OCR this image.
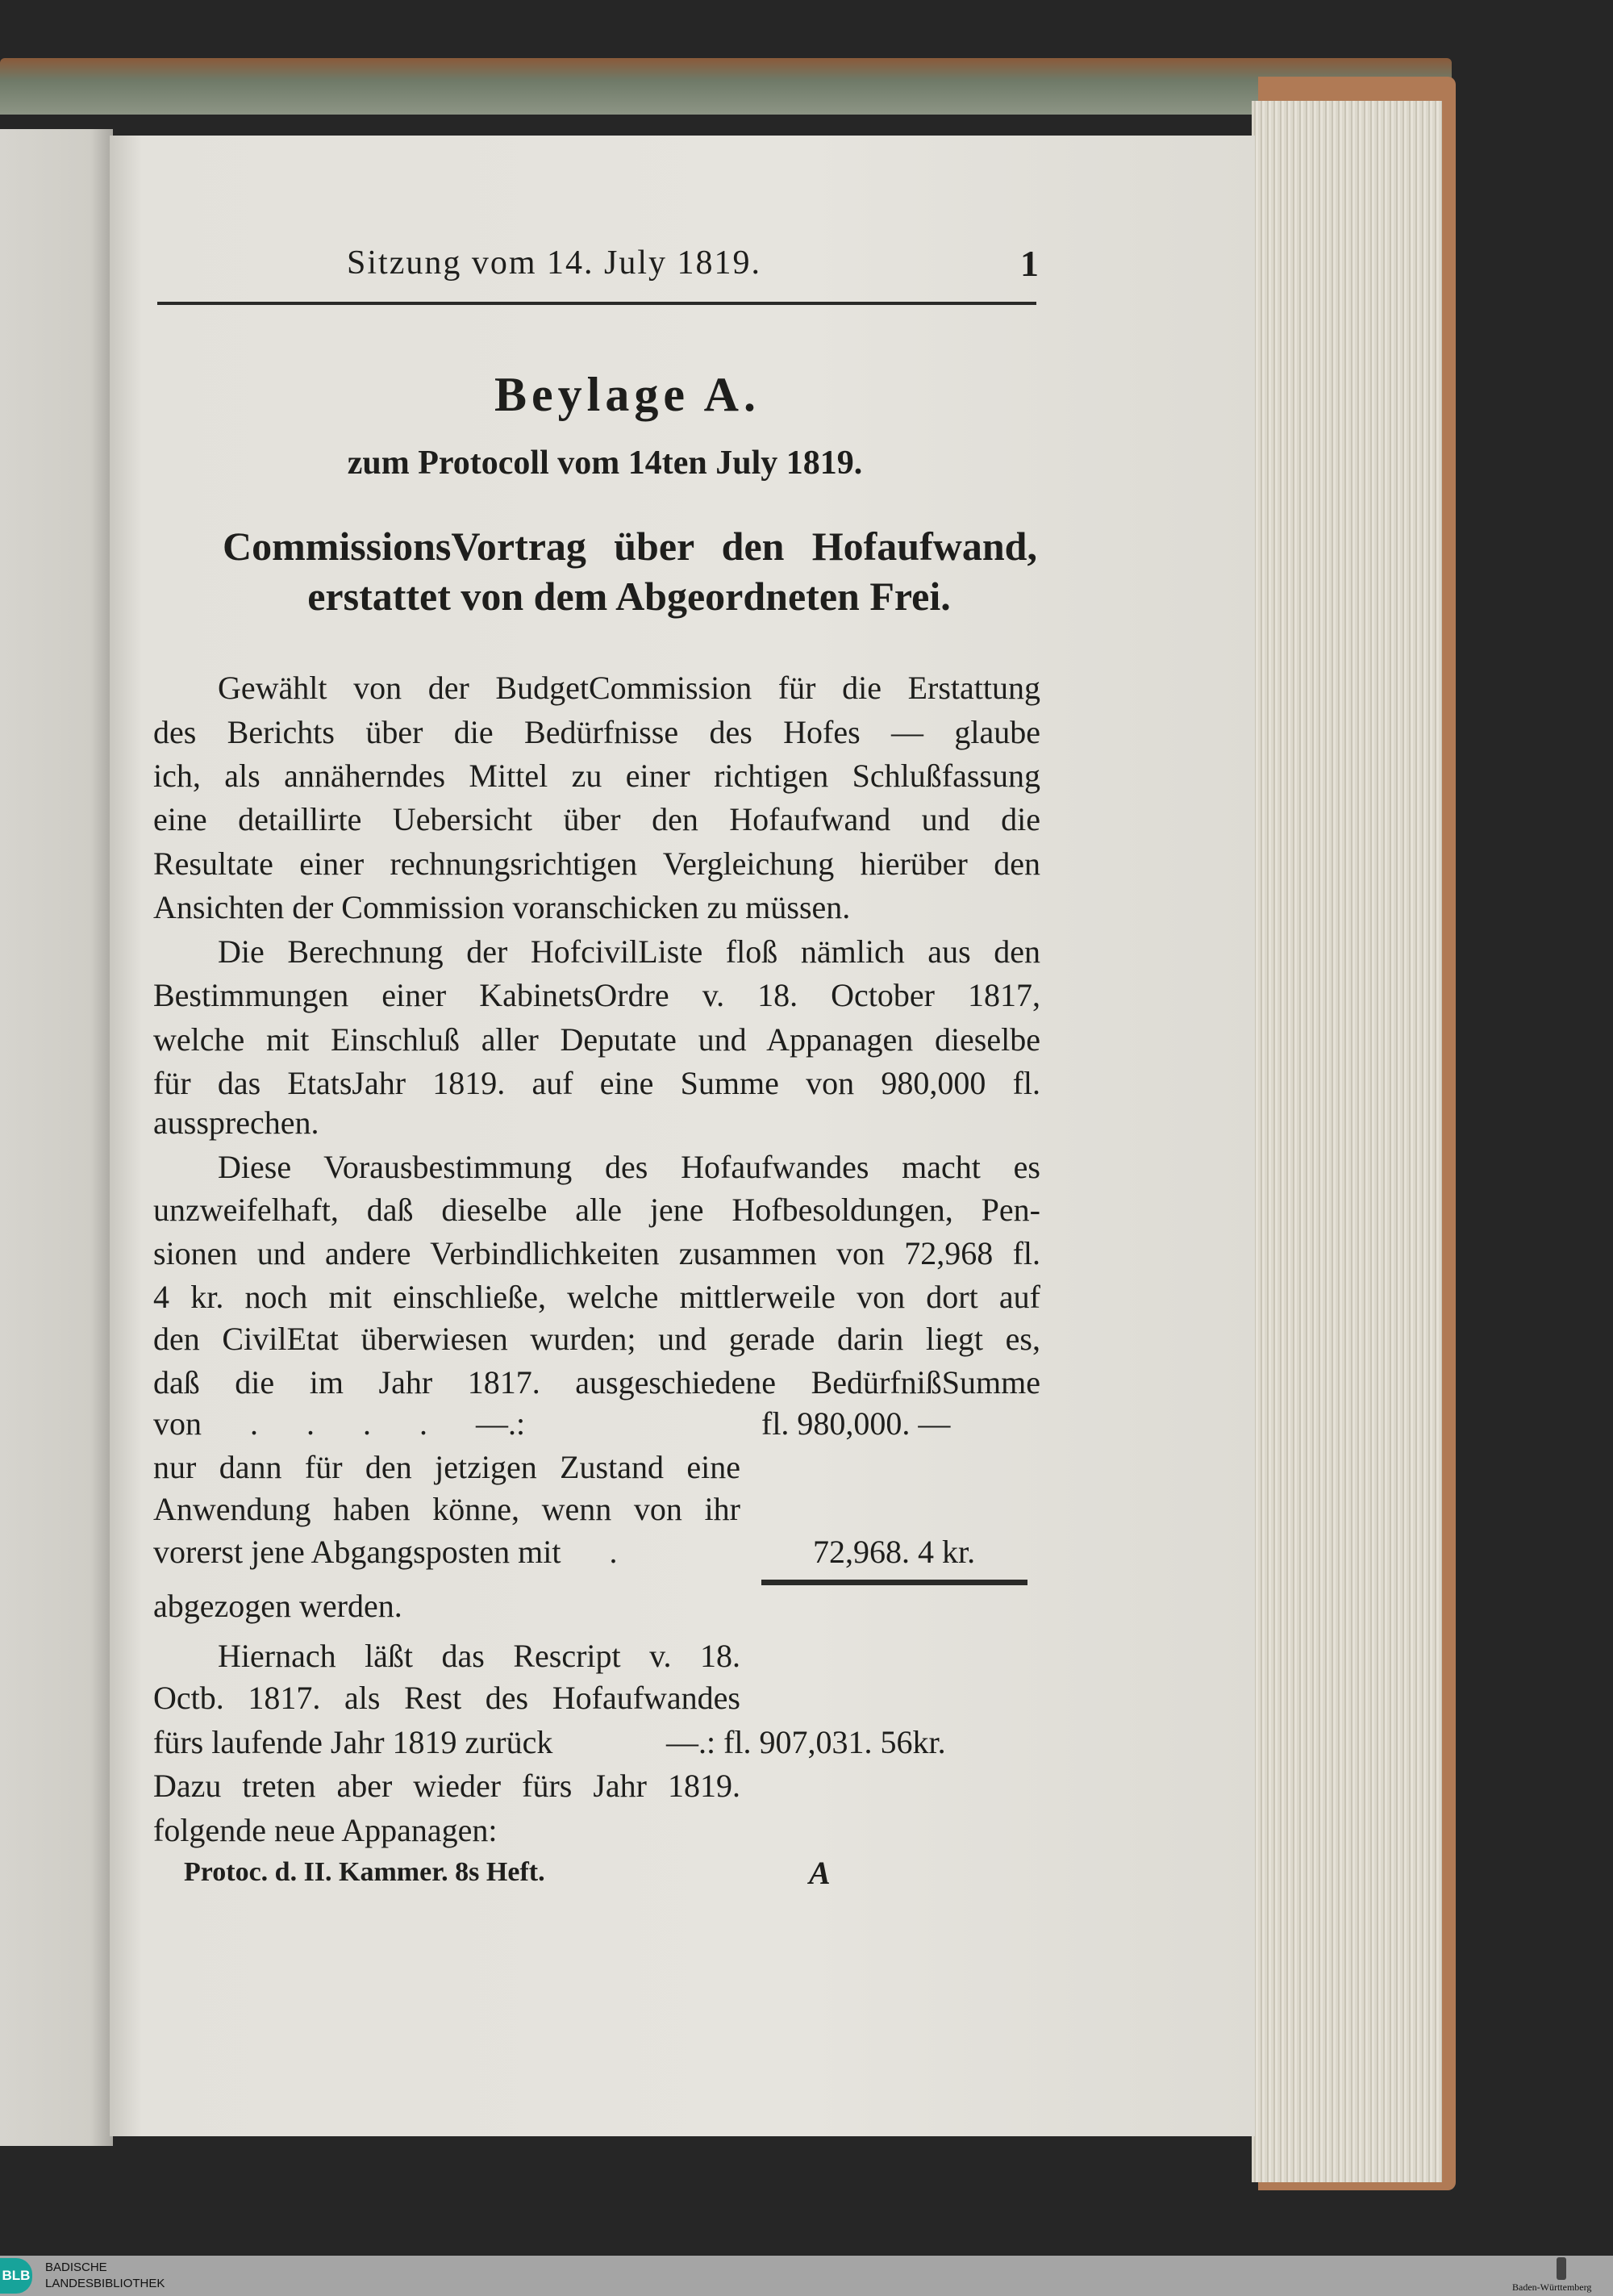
Sitzung vom 14. July 1819.	1
Beylage A.
zum Protocoll vom 14ten July 1819.
CommissionsVortrag über den Hofaufwand,
erstattet von dem Abgeordneten Frei.
Gewählt von der BudgetCommission für die Erstattung
des Berichts über die Bedürfnisse des Hofes — glaube
ich, als annäherndes Mittel zu einer richtigen Schlußfassung
eine detaillirte Uebersicht über den Hofaufwand und die
Resultate einer rechnungsrichtigen Vergleichung hierüber den
Ansichten der Commission voranschicken zu müssen.
Die Berechnung der HofcivilListe floß nämlich aus den
Bestimmungen einer KabinetsOrdre v. 18. October 1817,
welche mit Einschluß aller Deputate und Appanagen dieselbe
für das EtatsJahr 1819. auf eine Summe von 980,000 fl.
aussprechen.
Diese Vorausbestimmung des Hofaufwandes macht es
unzweifelhaft, daß dieselbe alle jene Hofbesoldungen, Pen-
sionen und andere Verbindlichkeiten zusammen von 72,968 fl.
4 kr. noch mit einschließe, welche mittlerweile von dort auf
den CivilEtat überwiesen wurden; und gerade darin liegt es,
daß die im Jahr 1817. ausgeschiedene BedürfnißSumme
von      .      .      .      .      —.:	fl. 980,000. —
nur dann für den jetzigen Zustand eine
Anwendung haben könne, wenn von ihr
vorerst jene Abgangsposten mit      .	72,968. 4 kr.
abgezogen werden.
Hiernach läßt das Rescript v. 18.
Octb. 1817. als Rest des Hofaufwandes
fürs laufende Jahr 1819 zurück	—.: fl. 907,031. 56kr.
Dazu treten aber wieder fürs Jahr 1819.
folgende neue Appanagen:
Protoc. d. II. Kammer. 8s Heft.	A
BLB
BADISCHE
LANDESBIBLIOTHEK	Baden-Württemberg
